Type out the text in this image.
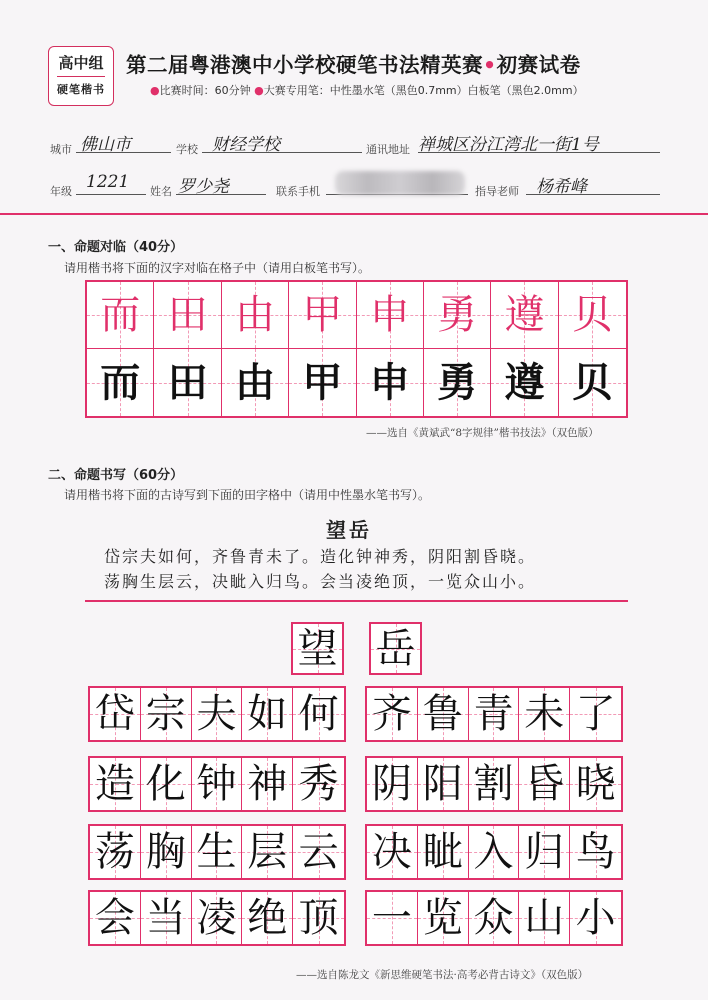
高中组
硬笔楷书
第二届粤港澳中小学校硬笔书法精英赛•初赛试卷
●比赛时间：60分钟 ●大赛专用笔：中性墨水笔（黑色0.7mm）白板笔（黑色2.0mm）
城市 佛山市	学校 财经学校	通讯地址 禅城区汾江湾北一街1号
年级 1221 姓名 罗少尧	联系手机	指导老师 杨希峰
一、命题对临（40分）
请用楷书将下面的汉字对临在格子中（请用白板笔书写）。
而 田 由 甲 申 勇 遵 贝
而 田 由 甲 申 勇 遵 贝
——选自《黄斌武“8字规律”楷书技法》（双色版）
二、命题书写（60分）
请用楷书将下面的古诗写到下面的田字格中（请用中性墨水笔书写）。
望岳
岱宗夫如何，齐鲁青未了。造化钟神秀，阴阳割昏晓。
荡胸生层云，决眦入归鸟。会当凌绝顶，一览众山小。
望 岳
岱 宗 夫 如 何 齐 鲁 青 未 了
造 化 钟 神 秀 阴 阳 割 昏 晓
荡 胸 生 层 云 决 眦 入 归 鸟
会 当 凌 绝 顶 一 览 众 山 小
——选自陈龙文《新思维硬笔书法·高考必背古诗文》（双色版）
